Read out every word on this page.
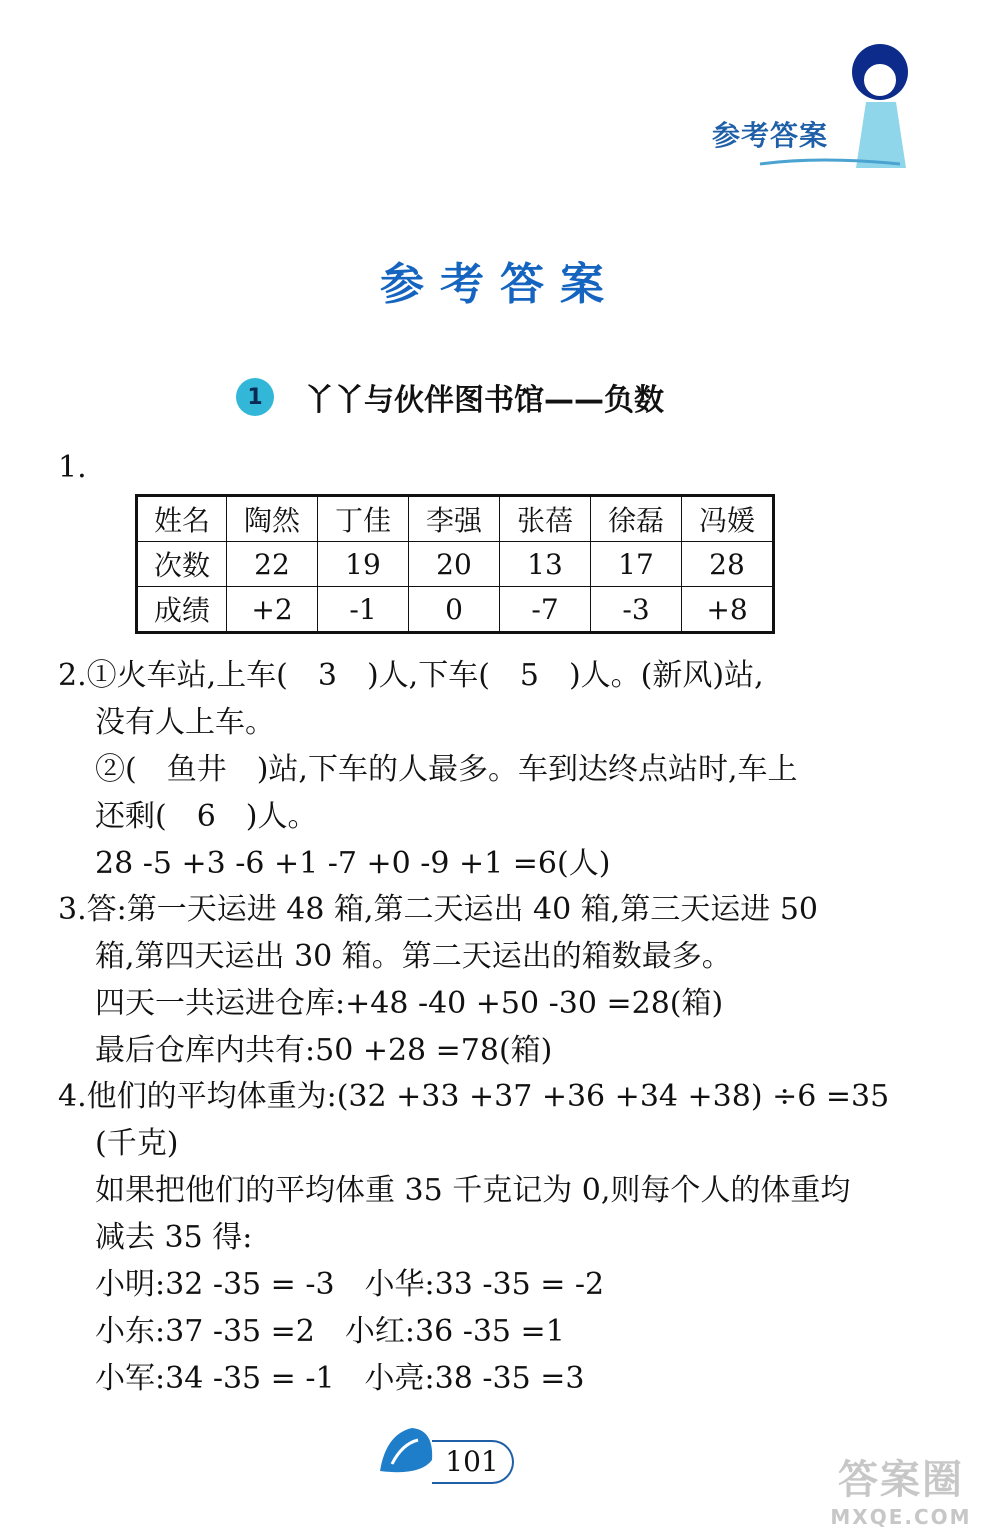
参考答案
参考答案
1	丫丫与伙伴图书馆——负数
1.
姓名	陶然	丁佳	李强	张蓓	徐磊	冯媛
次数	22	19	20	13	17	28
成绩	+2	-1	0	-7	-3	+8
2.①火车站,上车(　3　)人,下车(　5　)人。(新风)站,
没有人上车。
②(　鱼井　)站,下车的人最多。车到达终点站时,车上
还剩(　6　)人。
28 -5 +3 -6 +1 -7 +0 -9 +1 =6(人)
3.答:第一天运进 48 箱,第二天运出 40 箱,第三天运进 50
箱,第四天运出 30 箱。第二天运出的箱数最多。
四天一共运进仓库:+48 -40 +50 -30 =28(箱)
最后仓库内共有:50 +28 =78(箱)
4.他们的平均体重为:(32 +33 +37 +36 +34 +38) ÷6 =35
(千克)
如果把他们的平均体重 35 千克记为 0,则每个人的体重均
减去 35 得:
小明:32 -35 = -3　小华:33 -35 = -2
小东:37 -35 =2　小红:36 -35 =1
小军:34 -35 = -1　小亮:38 -35 =3
101	答案圈
MXQE.COM
